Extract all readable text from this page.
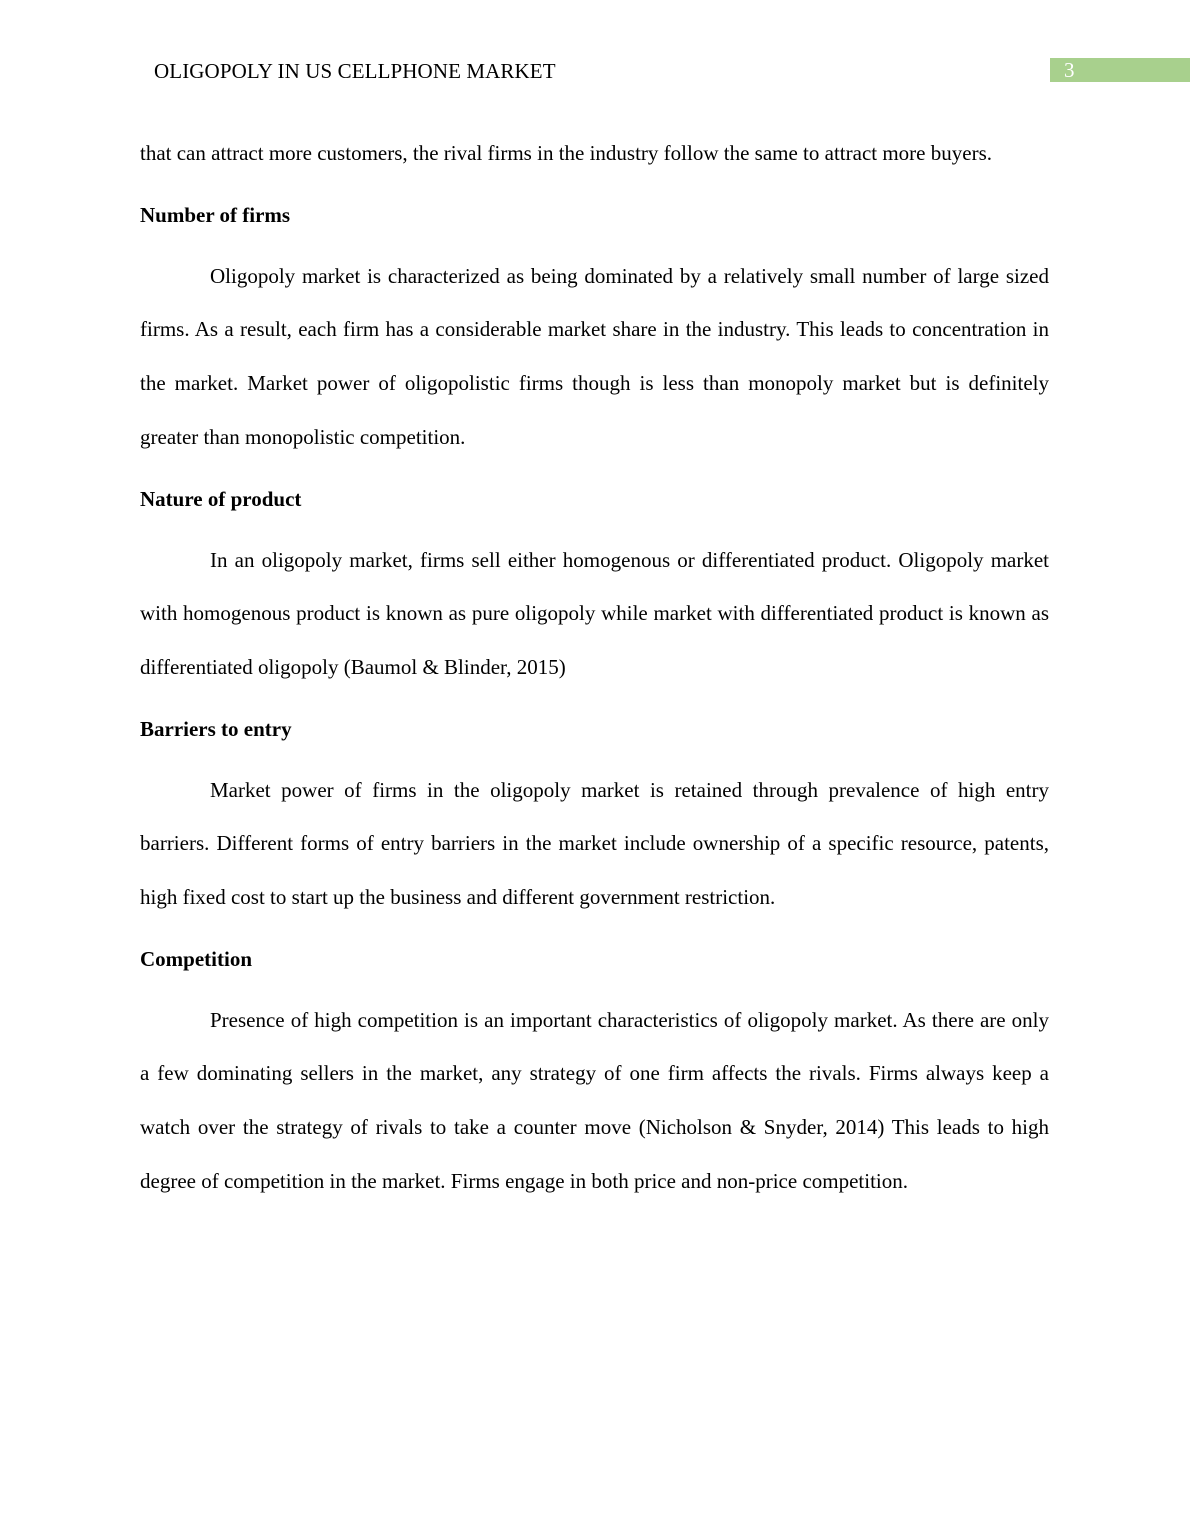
OLIGOPOLY IN US CELLPHONE MARKET	3

that can attract more customers, the rival firms in the industry follow the same to attract more buyers.

Number of firms

Oligopoly market is characterized as being dominated by a relatively small number of large sized firms. As a result, each firm has a considerable market share in the industry. This leads to concentration in the market. Market power of oligopolistic firms though is less than monopoly market but is definitely greater than monopolistic competition.

Nature of product

In an oligopoly market, firms sell either homogenous or differentiated product. Oligopoly market with homogenous product is known as pure oligopoly while market with differentiated product is known as differentiated oligopoly (Baumol & Blinder, 2015)

Barriers to entry

Market power of firms in the oligopoly market is retained through prevalence of high entry barriers. Different forms of entry barriers in the market include ownership of a specific resource, patents, high fixed cost to start up the business and different government restriction.

Competition

Presence of high competition is an important characteristics of oligopoly market. As there are only a few dominating sellers in the market, any strategy of one firm affects the rivals. Firms always keep a watch over the strategy of rivals to take a counter move (Nicholson & Snyder, 2014) This leads to high degree of competition in the market. Firms engage in both price and non-price competition.
